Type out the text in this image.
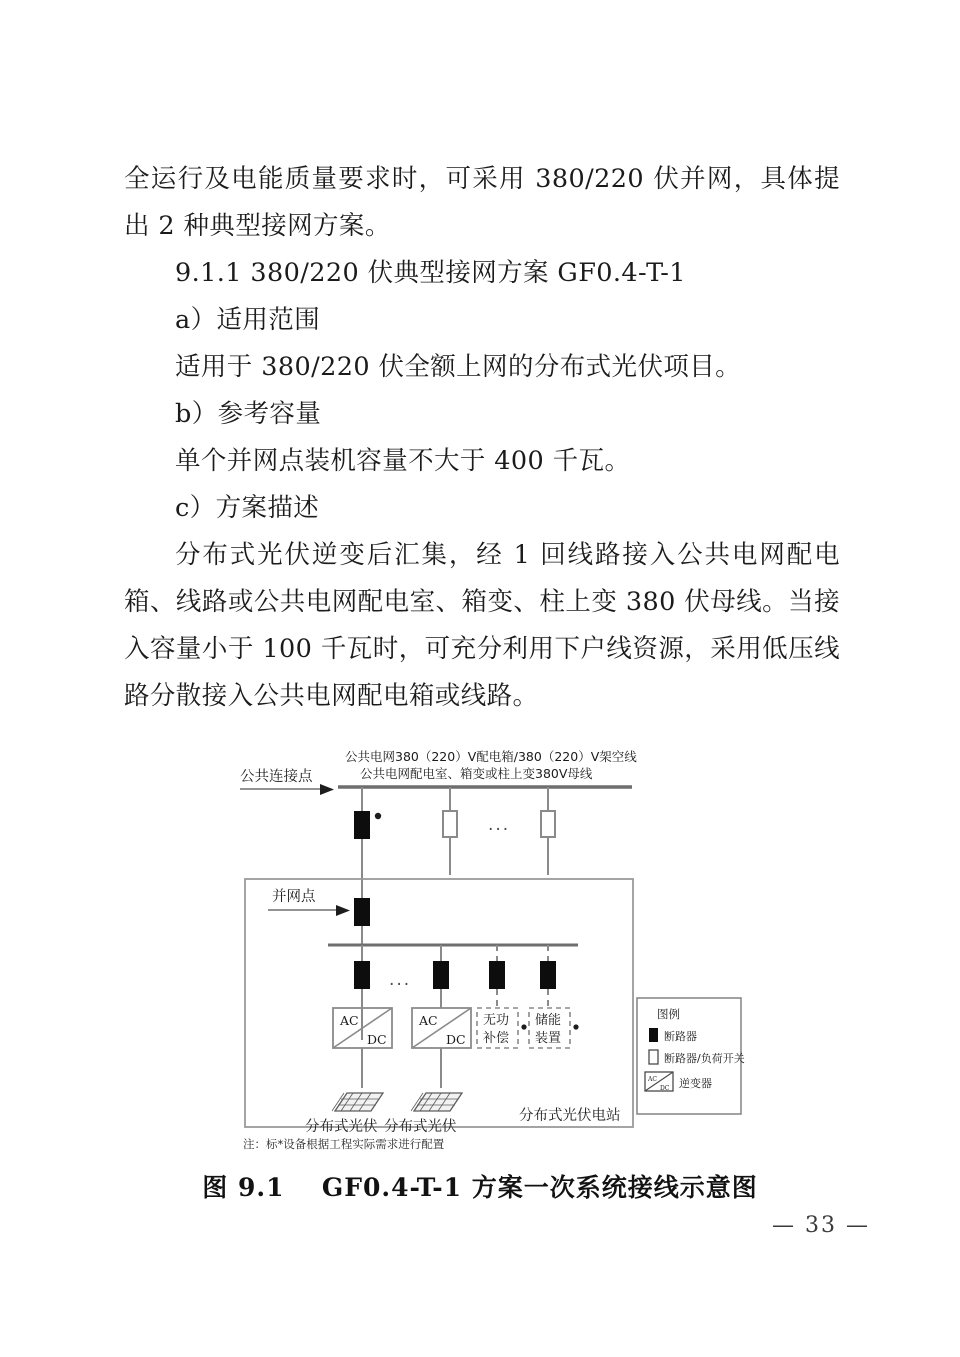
全运行及电能质量要求时，可采用 380/220 伏并网，具体提出 2 种典型接网方案。

9.1.1 380/220 伏典型接网方案 GF0.4-T-1

a）适用范围

适用于 380/220 伏全额上网的分布式光伏项目。

b）参考容量

单个并网点装机容量不大于 400 千瓦。

c）方案描述

分布式光伏逆变后汇集，经 1 回线路接入公共电网配电箱、线路或公共电网配电室、箱变、柱上变 380 伏母线。当接入容量小于 100 千瓦时，可充分利用下户线资源，采用低压线路分散接入公共电网配电箱或线路。

公共电网380（220）V配电箱/380（220）V架空线
公共电网配电室、箱变或柱上变380V母线
公共连接点
...
并网点
...
AC
DC
AC
DC
无功
补偿
储能
装置
分布式光伏 分布式光伏
分布式光伏电站
图例
断路器
断路器/负荷开关
AC
DC 逆变器
注：标*设备根据工程实际需求进行配置
图 9.1 GF0.4-T-1 方案一次系统接线示意图
— 33 —
